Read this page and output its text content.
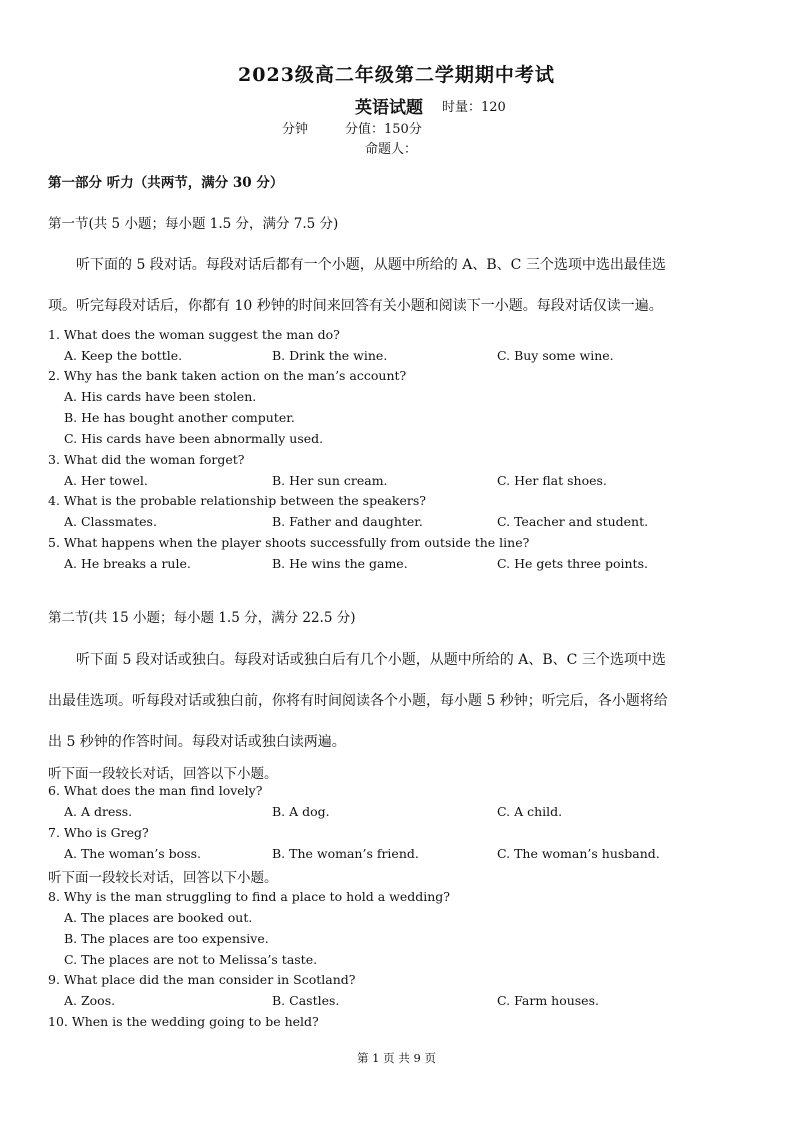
2023级高二年级第二学期期中考试
英语试题 时量：120
分钟	分值：150分
命题人：
第一部分 听力（共两节，满分 30 分）
第一节(共 5 小题；每小题 1.5 分，满分 7.5 分)
听下面的 5 段对话。每段对话后都有一个小题，从题中所给的 A、B、C 三个选项中选出最佳选
项。听完每段对话后，你都有 10 秒钟的时间来回答有关小题和阅读下一小题。每段对话仅读一遍。
1. What does the woman suggest the man do?
A. Keep the bottle.	B. Drink the wine.	C. Buy some wine.
2. Why has the bank taken action on the man’s account?
A. His cards have been stolen.
B. He has bought another computer.
C. His cards have been abnormally used.
3. What did the woman forget?
A. Her towel.	B. Her sun cream.	C. Her flat shoes.
4. What is the probable relationship between the speakers?
A. Classmates.	B. Father and daughter.	C. Teacher and student.
5. What happens when the player shoots successfully from outside the line?
A. He breaks a rule.	B. He wins the game.	C. He gets three points.
第二节(共 15 小题；每小题 1.5 分，满分 22.5 分)
听下面 5 段对话或独白。每段对话或独白后有几个小题，从题中所给的 A、B、C 三个选项中选
出最佳选项。听每段对话或独白前，你将有时间阅读各个小题，每小题 5 秒钟；听完后，各小题将给
出 5 秒钟的作答时间。每段对话或独白读两遍。
听下面一段较长对话，回答以下小题。
6. What does the man find lovely?
A. A dress.	B. A dog.	C. A child.
7. Who is Greg?
A. The woman’s boss.	B. The woman’s friend.	C. The woman’s husband.
听下面一段较长对话，回答以下小题。
8. Why is the man struggling to find a place to hold a wedding?
A. The places are booked out.
B. The places are too expensive.
C. The places are not to Melissa’s taste.
9. What place did the man consider in Scotland?
A. Zoos.	B. Castles.	C. Farm houses.
10. When is the wedding going to be held?
第 1 页 共 9 页
